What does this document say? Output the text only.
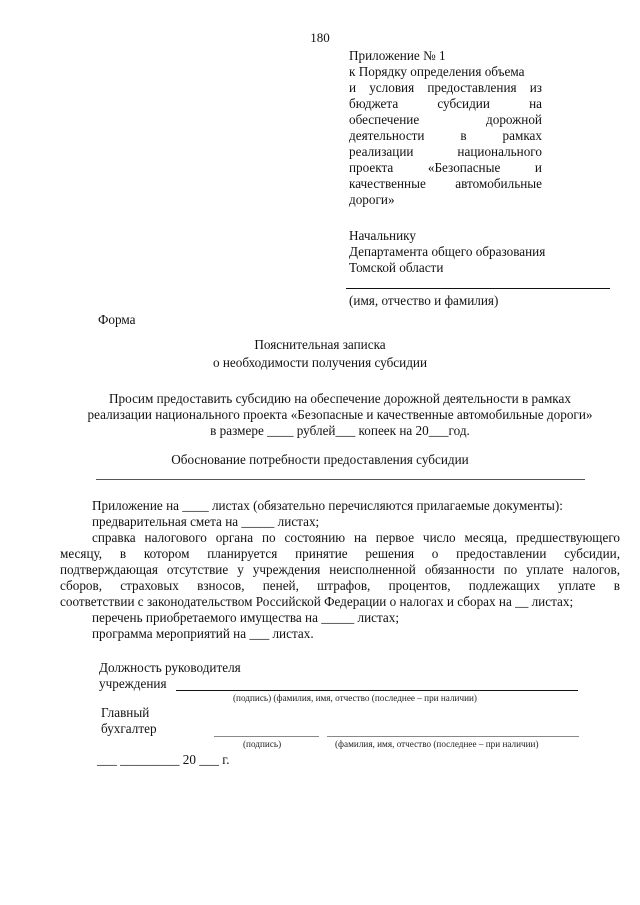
180
Приложение № 1
к Порядку определения объема
и условия предоставления из
бюджета субсидии на
обеспечение дорожной
деятельности в рамках
реализации национального
проекта «Безопасные и
качественные автомобильные
дороги»
Начальнику
Департамента общего образования
Томской области
(имя, отчество и фамилия)
Форма
Пояснительная записка
о необходимости получения субсидии
Просим предоставить субсидию на обеспечение дорожной деятельности в рамках
реализации национального проекта «Безопасные и качественные автомобильные дороги»
в размере ____ рублей___ копеек на 20___год.
Обоснование потребности предоставления субсидии
Приложение на ____ листах (обязательно перечисляются прилагаемые документы):
предварительная смета на _____ листах;
справка налогового органа по состоянию на первое число месяца, предшествующего
месяцу, в котором планируется принятие решения о предоставлении субсидии,
подтверждающая отсутствие у учреждения неисполненной обязанности по уплате налогов,
сборов, страховых взносов, пеней, штрафов, процентов, подлежащих уплате в
соответствии с законодательством Российской Федерации о налогах и сборах на __ листах;
перечень приобретаемого имущества на _____ листах;
программа мероприятий на ___ листах.
Должность руководителя
учреждения
(подпись) (фамилия, имя, отчество (последнее – при наличии)
Главный
бухгалтер
(подпись)	(фамилия, имя, отчество (последнее – при наличии)
___ _________ 20 ___ г.
